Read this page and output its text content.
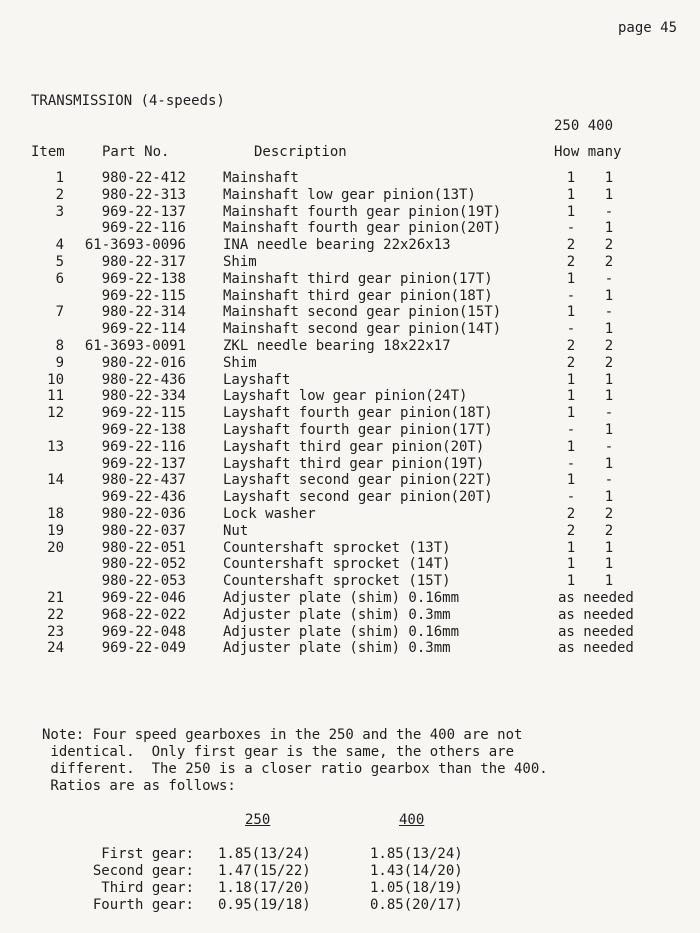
page 45
TRANSMISSION (4-speeds)
250 400
Item	Part No.	Description	How many
1	980-22-412	Mainshaft	1	1
2	980-22-313	Mainshaft low gear pinion(13T)	1	1
3	969-22-137	Mainshaft fourth gear pinion(19T)	1	-
969-22-116	Mainshaft fourth gear pinion(20T)	-	1
4	61-3693-0096	INA needle bearing 22x26x13	2	2
5	980-22-317	Shim	2	2
6	969-22-138	Mainshaft third gear pinion(17T)	1	-
969-22-115	Mainshaft third gear pinion(18T)	-	1
7	980-22-314	Mainshaft second gear pinion(15T)	1	-
969-22-114	Mainshaft second gear pinion(14T)	-	1
8	61-3693-0091	ZKL needle bearing 18x22x17	2	2
9	980-22-016	Shim	2	2
10	980-22-436	Layshaft	1	1
11	980-22-334	Layshaft low gear pinion(24T)	1	1
12	969-22-115	Layshaft fourth gear pinion(18T)	1	-
969-22-138	Layshaft fourth gear pinion(17T)	-	1
13	969-22-116	Layshaft third gear pinion(20T)	1	-
969-22-137	Layshaft third gear pinion(19T)	-	1
14	980-22-437	Layshaft second gear pinion(22T)	1	-
969-22-436	Layshaft second gear pinion(20T)	-	1
18	980-22-036	Lock washer	2	2
19	980-22-037	Nut	2	2
20	980-22-051	Countershaft sprocket (13T)	1	1
980-22-052	Countershaft sprocket (14T)	1	1
980-22-053	Countershaft sprocket (15T)	1	1
21	969-22-046	Adjuster plate (shim) 0.16mm	as needed
22	968-22-022	Adjuster plate (shim) 0.3mm	as needed
23	969-22-048	Adjuster plate (shim) 0.16mm	as needed
24	969-22-049	Adjuster plate (shim) 0.3mm	as needed
Note: Four speed gearboxes in the 250 and the 400 are not
identical.  Only first gear is the same, the others are
different.  The 250 is a closer ratio gearbox than the 400.
Ratios are as follows:
250	400
First gear: 1.85(13/24)	1.85(13/24)
Second gear: 1.47(15/22)	1.43(14/20)
Third gear: 1.18(17/20)	1.05(18/19)
Fourth gear: 0.95(19/18)	0.85(20/17)
